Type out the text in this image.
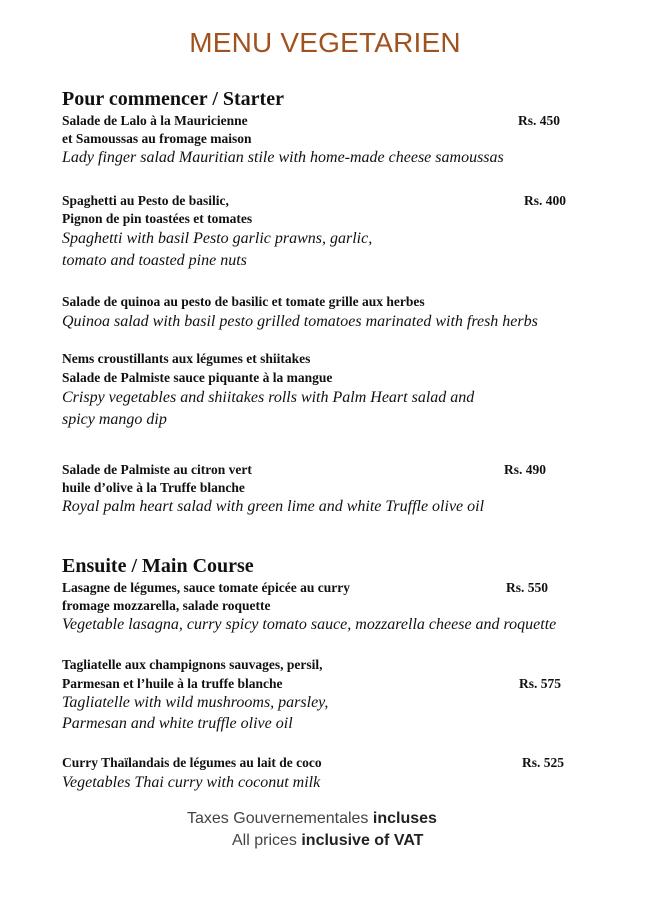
MENU VEGETARIEN
Pour commencer / Starter

Salade de Lalo à la Mauricienne

et Samoussas au fromage maison

Lady finger salad Mauritian stile with home-made cheese samoussas

Rs. 450

Spaghetti au Pesto de basilic,

Pignon de pin toastées et tomates

Spaghetti with basil Pesto garlic prawns, garlic,

tomato and toasted pine nuts

Rs. 400

Salade de quinoa au pesto de basilic et tomate grille aux herbes

Quinoa salad with basil pesto grilled tomatoes marinated with fresh herbs

Nems croustillants aux légumes et shiitakes

Salade de Palmiste sauce piquante à la mangue

Crispy vegetables and shiitakes rolls with Palm Heart salad and

spicy mango dip

Salade de Palmiste au citron vert

huile d’olive à la Truffe blanche

Royal palm heart salad with green lime and white Truffle olive oil

Rs. 490

Ensuite / Main Course

Lasagne de légumes, sauce tomate épicée au curry

fromage mozzarella, salade roquette

Vegetable lasagna, curry spicy tomato sauce, mozzarella cheese and roquette

Rs. 550

Tagliatelle aux champignons sauvages, persil,

Parmesan et l’huile à la truffe blanche

Tagliatelle with wild mushrooms, parsley,

Parmesan and white truffle olive oil

Rs. 575

Curry Thaïlandais de légumes au lait de coco

Vegetables Thai curry with coconut milk

Rs. 525

Taxes Gouvernementales incluses

All prices inclusive of VAT
